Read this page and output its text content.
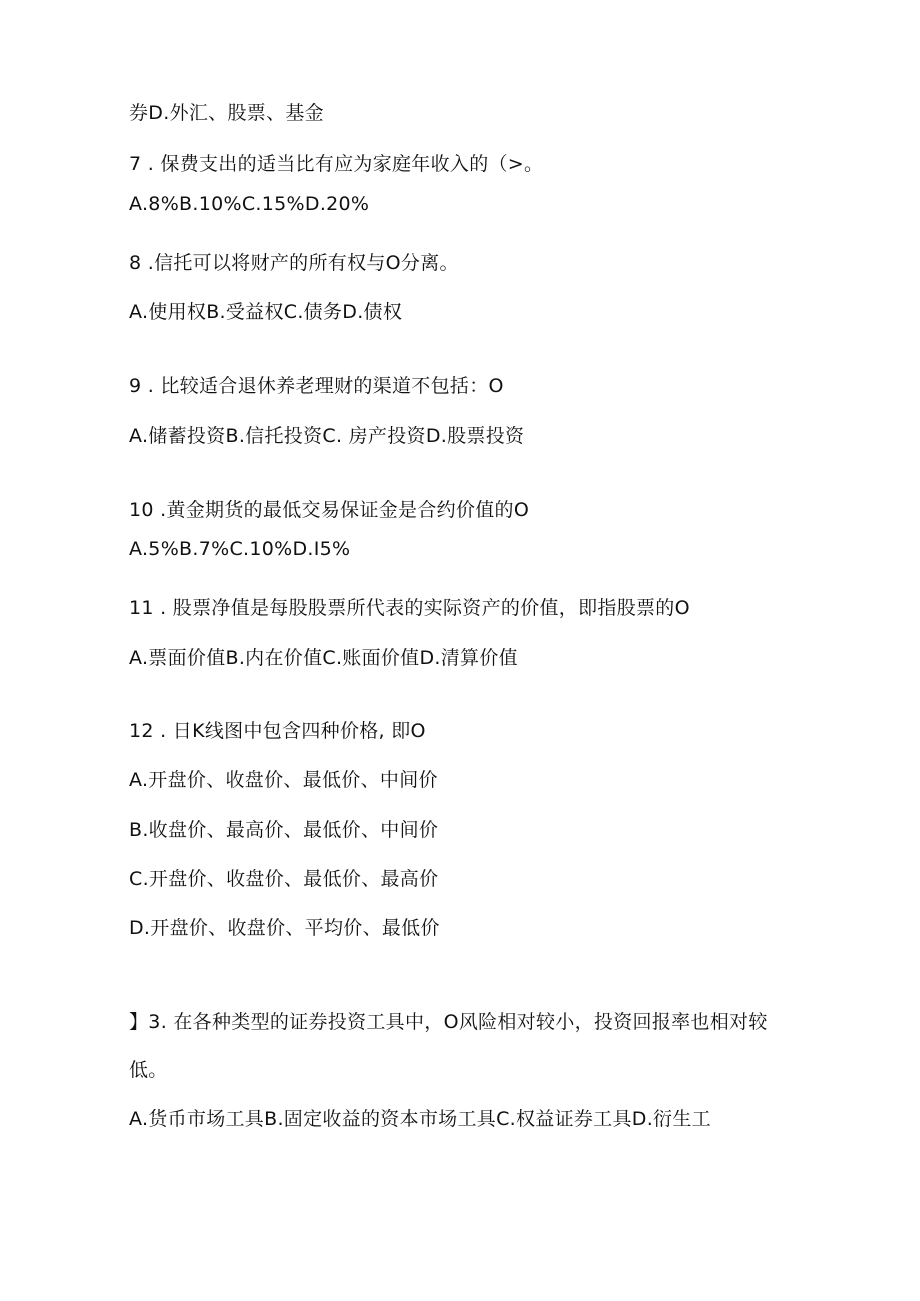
券D.外汇、股票、基金
7 . 保费支出的适当比有应为家庭年收入的（>。
A.8%B.10%C.15%D.20%
8 .信托可以将财产的所有权与O分离。
A.使用权B.受益权C.债务D.债权
9 . 比较适合退休养老理财的渠道不包括：O
A.储蓄投资B.信托投资C. 房产投资D.股票投资
10 .黄金期货的最低交易保证金是合约价值的O
A.5%B.7%C.10%D.I5%
11 . 股票净值是每股股票所代表的实际资产的价值，即指股票的O
A.票面价值B.内在价值C.账面价值D.清算价值
12 . 日K线图中包含四种价格, 即O
A.开盘价、收盘价、最低价、中间价
B.收盘价、最高价、最低价、中间价
C.开盘价、收盘价、最低价、最高价
D.开盘价、收盘价、平均价、最低价
】3. 在各种类型的证券投资工具中，O风险相对较小，投资回报率也相对较
低。
A.货币市场工具B.固定收益的资本市场工具C.权益证券工具D.衍生工
